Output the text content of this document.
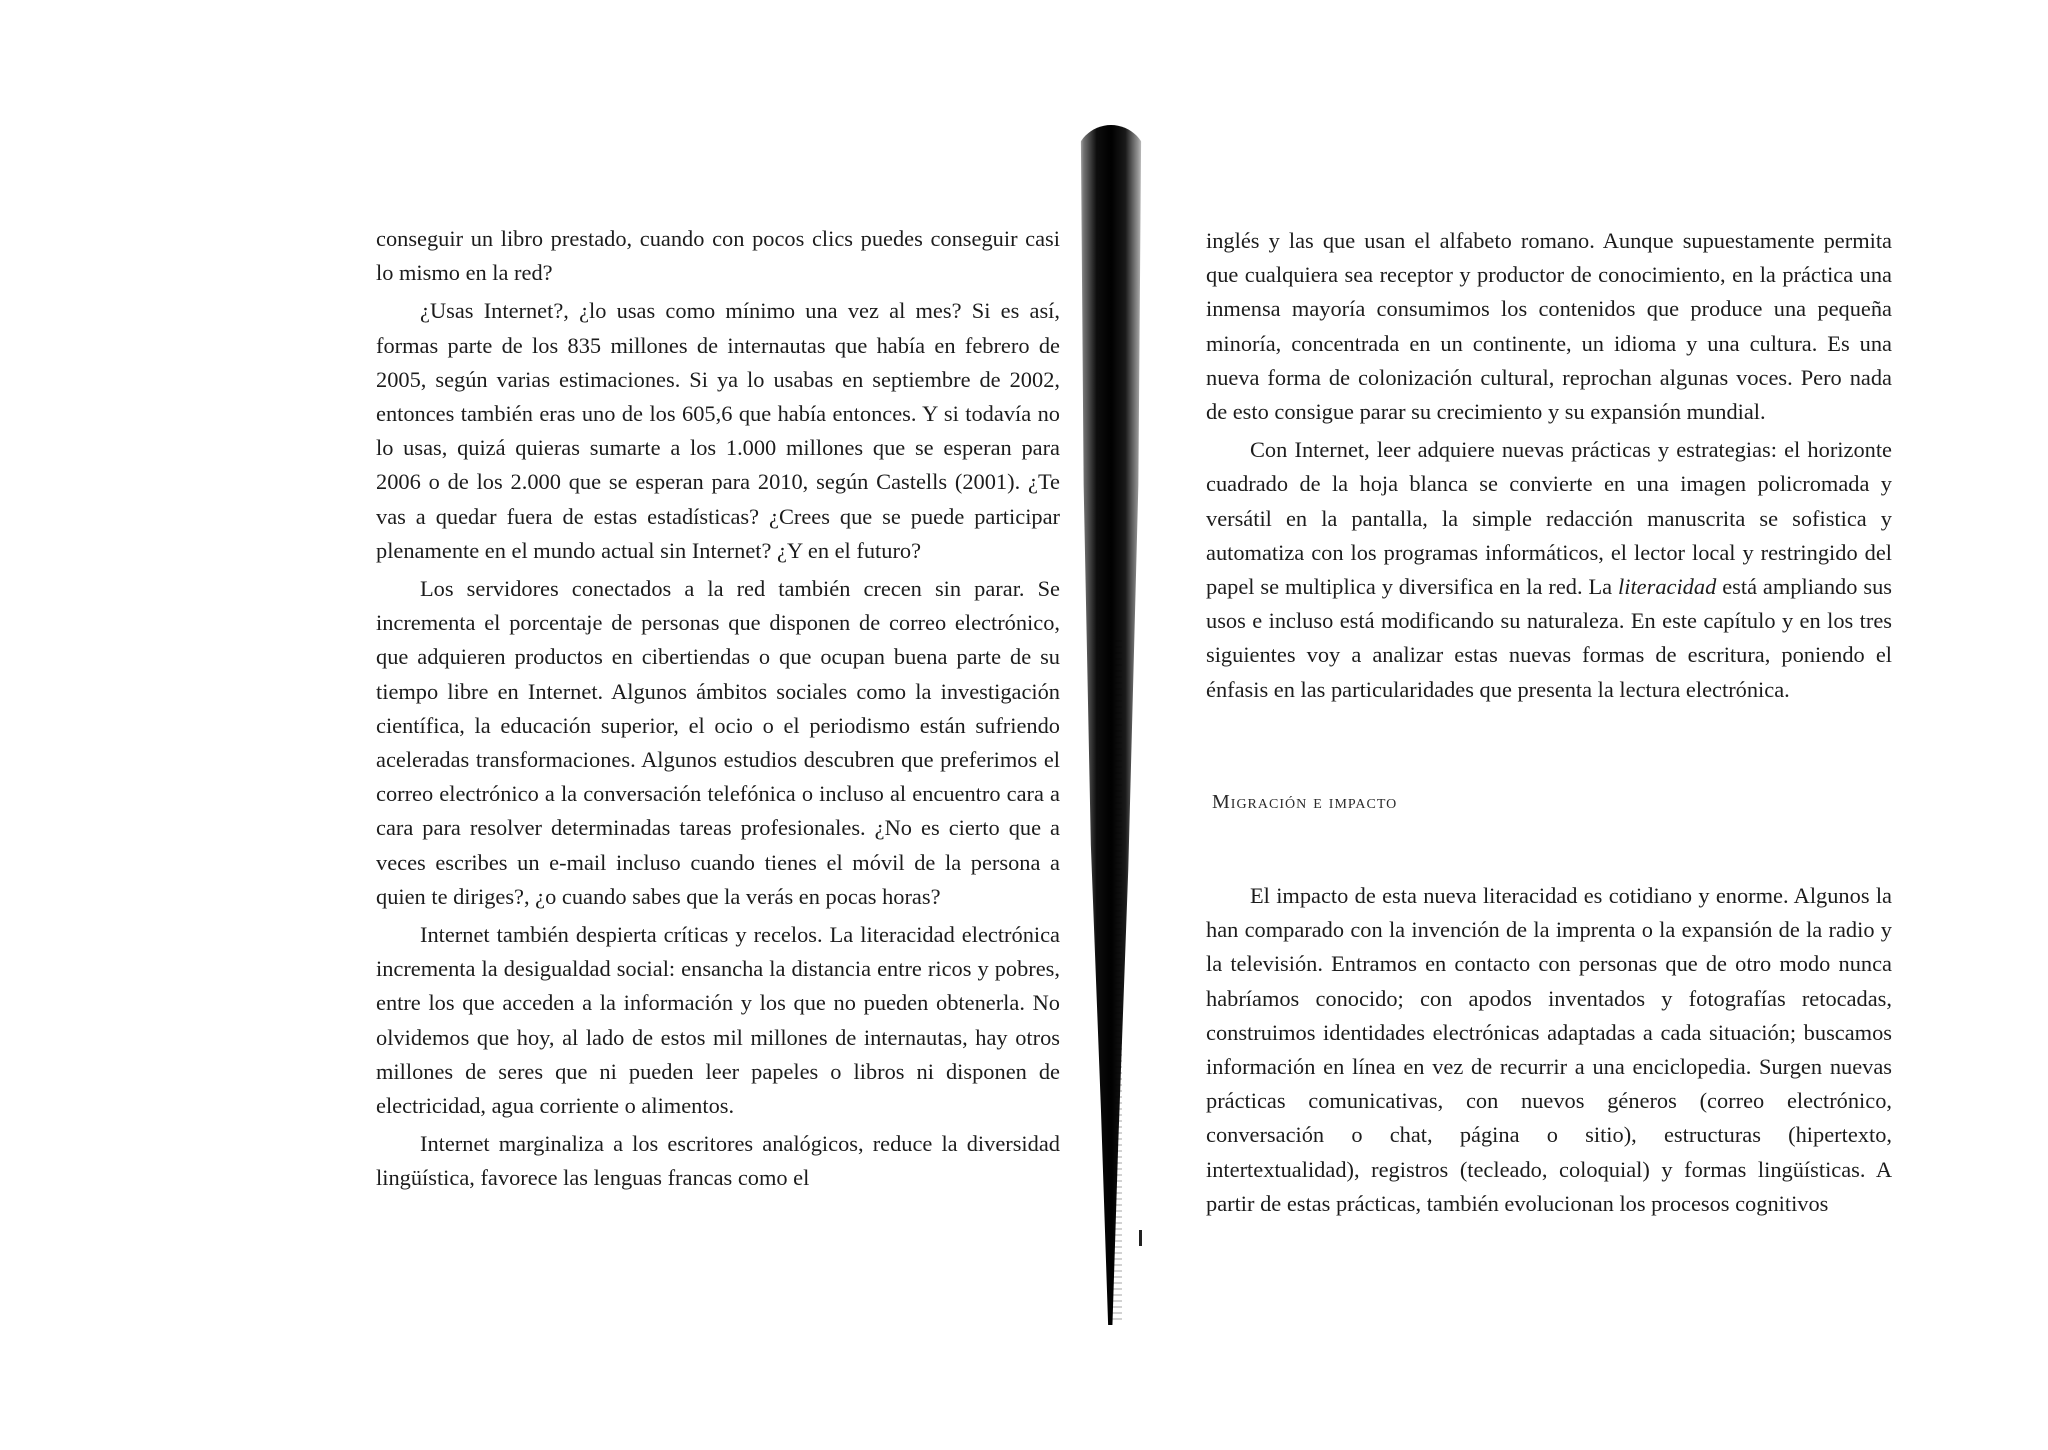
conseguir un libro prestado, cuando con pocos clics puedes conseguir casi lo mismo en la red?

¿Usas Internet?, ¿lo usas como mínimo una vez al mes? Si es así, formas parte de los 835 millones de internautas que había en febrero de 2005, según varias estimaciones. Si ya lo usabas en septiembre de 2002, entonces también eras uno de los 605,6 que había entonces. Y si todavía no lo usas, quizá quieras sumarte a los 1.000 millones que se esperan para 2006 o de los 2.000 que se esperan para 2010, según Castells (2001). ¿Te vas a quedar fuera de estas estadísticas? ¿Crees que se puede participar plenamente en el mundo actual sin Internet? ¿Y en el futuro?

Los servidores conectados a la red también crecen sin parar. Se incrementa el porcentaje de personas que disponen de correo electrónico, que adquieren productos en cibertiendas o que ocupan buena parte de su tiempo libre en Internet. Algunos ámbitos sociales como la investigación científica, la educación superior, el ocio o el periodismo están sufriendo aceleradas transformaciones. Algunos estudios descubren que preferimos el correo electrónico a la conversación telefónica o incluso al encuentro cara a cara para resolver determinadas tareas profesionales. ¿No es cierto que a veces escribes un e-mail incluso cuando tienes el móvil de la persona a quien te diriges?, ¿o cuando sabes que la verás en pocas horas?

Internet también despierta críticas y recelos. La literacidad electrónica incrementa la desigualdad social: ensancha la distancia entre ricos y pobres, entre los que acceden a la información y los que no pueden obtenerla. No olvidemos que hoy, al lado de estos mil millones de internautas, hay otros millones de seres que ni pueden leer papeles o libros ni disponen de electricidad, agua corriente o alimentos.

Internet marginaliza a los escritores analógicos, reduce la diversidad lingüística, favorece las lenguas francas como el

inglés y las que usan el alfabeto romano. Aunque supuestamente permita que cualquiera sea receptor y productor de conocimiento, en la práctica una inmensa mayoría consumimos los contenidos que produce una pequeña minoría, concentrada en un continente, un idioma y una cultura. Es una nueva forma de colonización cultural, reprochan algunas voces. Pero nada de esto consigue parar su crecimiento y su expansión mundial.

Con Internet, leer adquiere nuevas prácticas y estrategias: el horizonte cuadrado de la hoja blanca se convierte en una imagen policromada y versátil en la pantalla, la simple redacción manuscrita se sofistica y automatiza con los programas informáticos, el lector local y restringido del papel se multiplica y diversifica en la red. La literacidad está ampliando sus usos e incluso está modificando su naturaleza. En este capítulo y en los tres siguientes voy a analizar estas nuevas formas de escritura, poniendo el énfasis en las particularidades que presenta la lectura electrónica.

Migración e impacto

El impacto de esta nueva literacidad es cotidiano y enorme. Algunos la han comparado con la invención de la imprenta o la expansión de la radio y la televisión. Entramos en contacto con personas que de otro modo nunca habríamos conocido; con apodos inventados y fotografías retocadas, construimos identidades electrónicas adaptadas a cada situación; buscamos información en línea en vez de recurrir a una enciclopedia. Surgen nuevas prácticas comunicativas, con nuevos géneros (correo electrónico, conversación o chat, página o sitio), estructuras (hipertexto, intertextualidad), registros (tecleado, coloquial) y formas lingüísticas. A partir de estas prácticas, también evolucionan los procesos cognitivos
